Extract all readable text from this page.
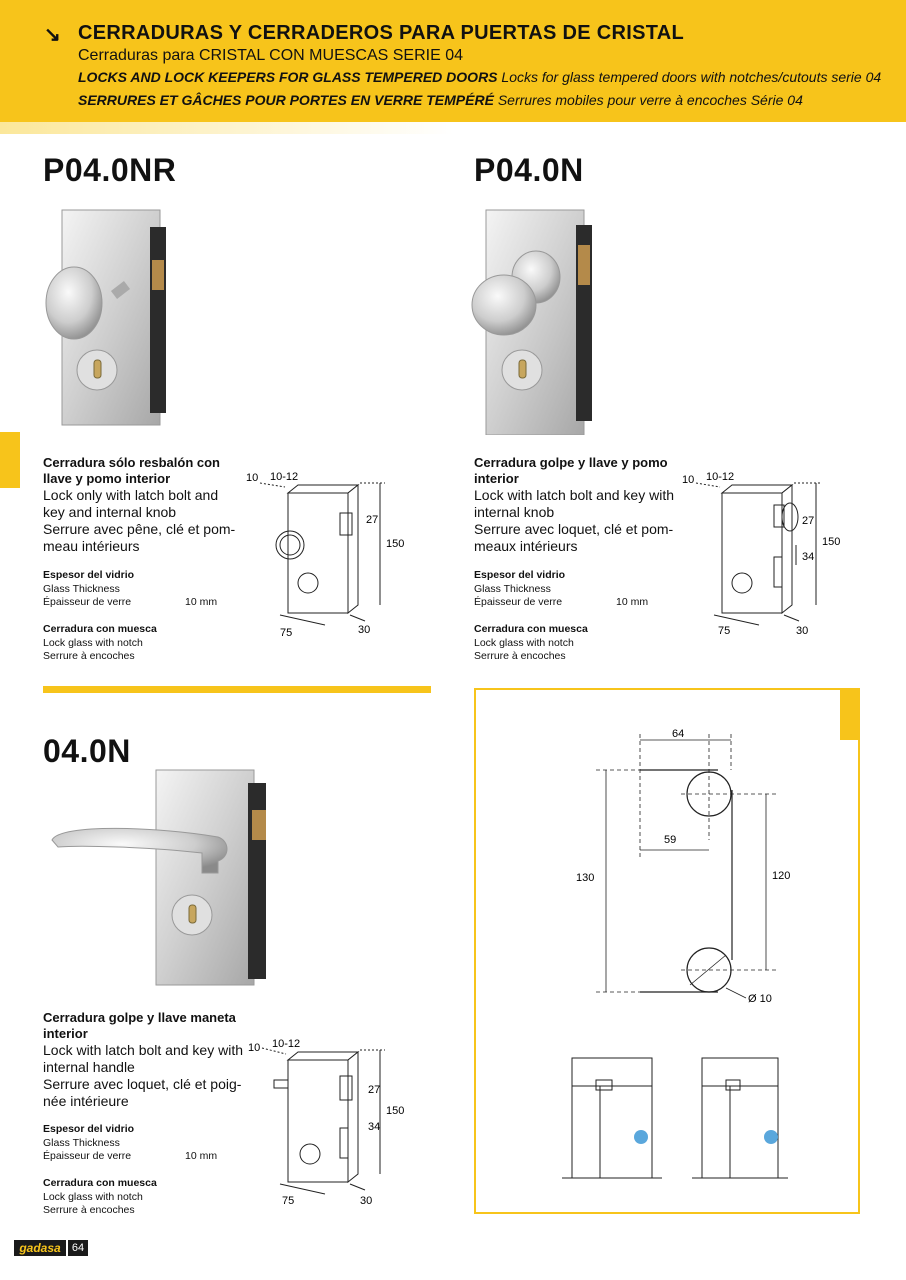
↘ CERRADURAS Y CERRADEROS PARA PUERTAS DE CRISTAL
Cerraduras para CRISTAL CON MUESCAS SERIE 04
LOCKS AND LOCK KEEPERS FOR GLASS TEMPERED DOORS Locks for glass tempered doors with notches/cutouts serie 04
SERRURES ET GÂCHES POUR PORTES EN VERRE TEMPÉRÉ Serrures mobiles pour verre à encoches Série 04
P04.0NR
Cerradura sólo resbalón con llave y pomo interior
Lock only with latch bolt and key and internal knob
Serrure avec pêne, clé et pom-meau intérieurs
Espesor del vidrio
Glass Thickness
Épaisseur de verre	10 mm
Cerradura con muesca
Lock glass with notch
Serrure à encoches
10 10-12
27
150
75	30
P04.0N
Cerradura golpe y llave y pomo interior
Lock with latch bolt and key with internal knob
Serrure avec loquet, clé et pom-meaux intérieurs
Espesor del vidrio
Glass Thickness
Épaisseur de verre	10 mm
Cerradura con muesca
Lock glass with notch
Serrure à encoches
10 10-12
27
150
34
75	30
04.0N
Cerradura golpe y llave maneta interior
Lock with latch bolt and key with internal handle
Serrure avec loquet, clé et poig-née intérieure
Espesor del vidrio
Glass Thickness
Épaisseur de verre	10 mm
Cerradura con muesca
Lock glass with notch
Serrure à encoches
10 10-12
27
150
34
75	30
64
59
130	120
Ø 10
gadasa	64
